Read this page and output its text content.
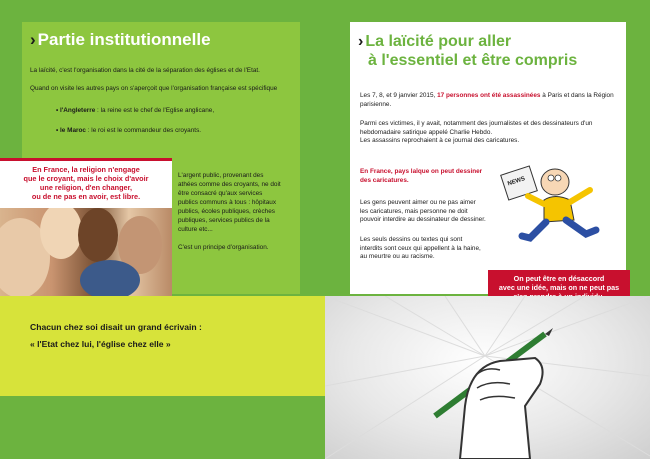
› Partie institutionnelle
La laïcité, c'est l'organisation dans la cité de la séparation des églises et de l'Etat.
Quand on visite les autres pays on s'aperçoit que l'organisation française est spécifique
• l'Angleterre : la reine est le chef de l'Eglise anglicane,
• le Maroc : le roi est le commandeur des croyants.

En France, la religion n'engage
que le croyant, mais le choix d'avoir
une religion, d'en changer,
ou de ne pas en avoir, est libre.

L'argent public, provenant des
athées comme des croyants, ne doit
être consacré qu'aux services
publics communs à tous : hôpitaux
publics, écoles publiques, crèches
publiques, services publics de la
culture etc...
C'est un principe d'organisation.
› La laïcité pour aller
à l'essentiel et être compris
Les 7, 8, et 9 janvier 2015, 17 personnes ont été assassinées à Paris et dans la Région
parisienne.
Parmi ces victimes, il y avait, notamment des journalistes et des dessinateurs d'un
hebdomadaire satirique appelé Charlie Hebdo.
Les assassins reprochaient à ce journal des caricatures.
En France, pays laïque on peut dessiner
des caricatures.
Les gens peuvent aimer ou ne pas aimer
les caricatures, mais personne ne doit
pouvoir interdire au dessinateur de dessiner.
Les seuls dessins ou textes qui sont
interdits sont ceux qui appellent à la haine,
au meurtre ou au racisme.
NEWS

On peut être en désaccord
avec une idée, mais on ne peut pas

Chacun chez soi disait un grand écrivain :
« l'Etat chez lui, l'église chez elle »
